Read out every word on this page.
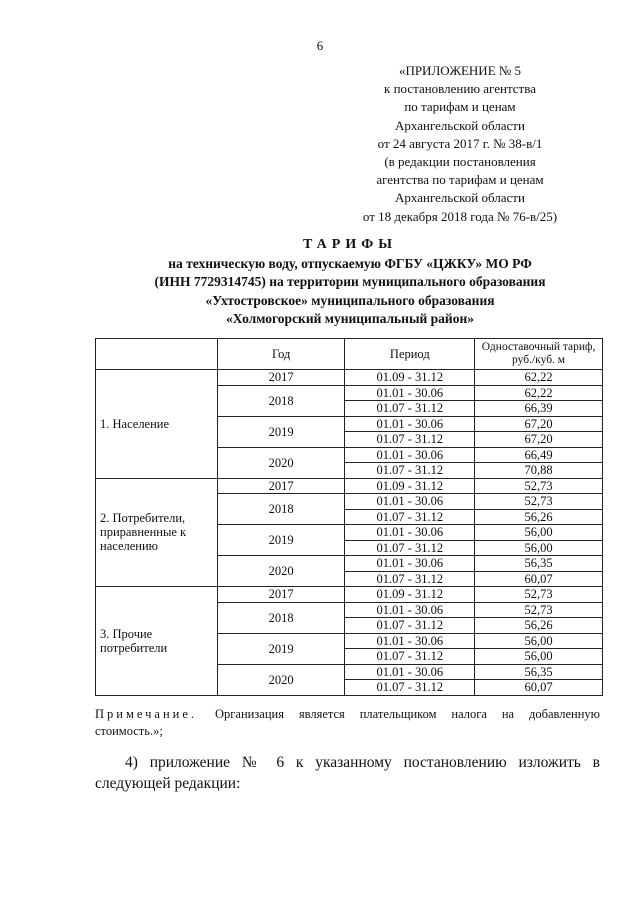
6
«ПРИЛОЖЕНИЕ № 5
к постановлению агентства
по тарифам и ценам
Архангельской области
от 24 августа 2017 г. № 38-в/1
(в редакции постановления
агентства по тарифам и ценам
Архангельской области
от 18 декабря 2018 года № 76-в/25)
ТАРИФЫ
на техническую воду, отпускаемую ФГБУ «ЦЖКУ» МО РФ
(ИНН 7729314745) на территории муниципального образования
«Ухтостровское» муниципального образования
«Холмогорский муниципальный район»
	Год	Период	Одноставочный тариф, руб./куб. м
1. Население	2017	01.09 - 31.12	62,22
	2018	01.01 - 30.06	62,22
		01.07 - 31.12	66,39
	2019	01.01 - 30.06	67,20
		01.07 - 31.12	67,20
	2020	01.01 - 30.06	66,49
		01.07 - 31.12	70,88
2. Потребители, приравненные к населению	2017	01.09 - 31.12	52,73
	2018	01.01 - 30.06	52,73
		01.07 - 31.12	56,26
	2019	01.01 - 30.06	56,00
		01.07 - 31.12	56,00
	2020	01.01 - 30.06	56,35
		01.07 - 31.12	60,07
3. Прочие потребители	2017	01.09 - 31.12	52,73
	2018	01.01 - 30.06	52,73
		01.07 - 31.12	56,26
	2019	01.01 - 30.06	56,00
		01.07 - 31.12	56,00
	2020	01.01 - 30.06	56,35
		01.07 - 31.12	60,07
Примечание. Организация является плательщиком налога на добавленную стоимость.»;
4) приложение № 6 к указанному постановлению изложить в следующей редакции:
